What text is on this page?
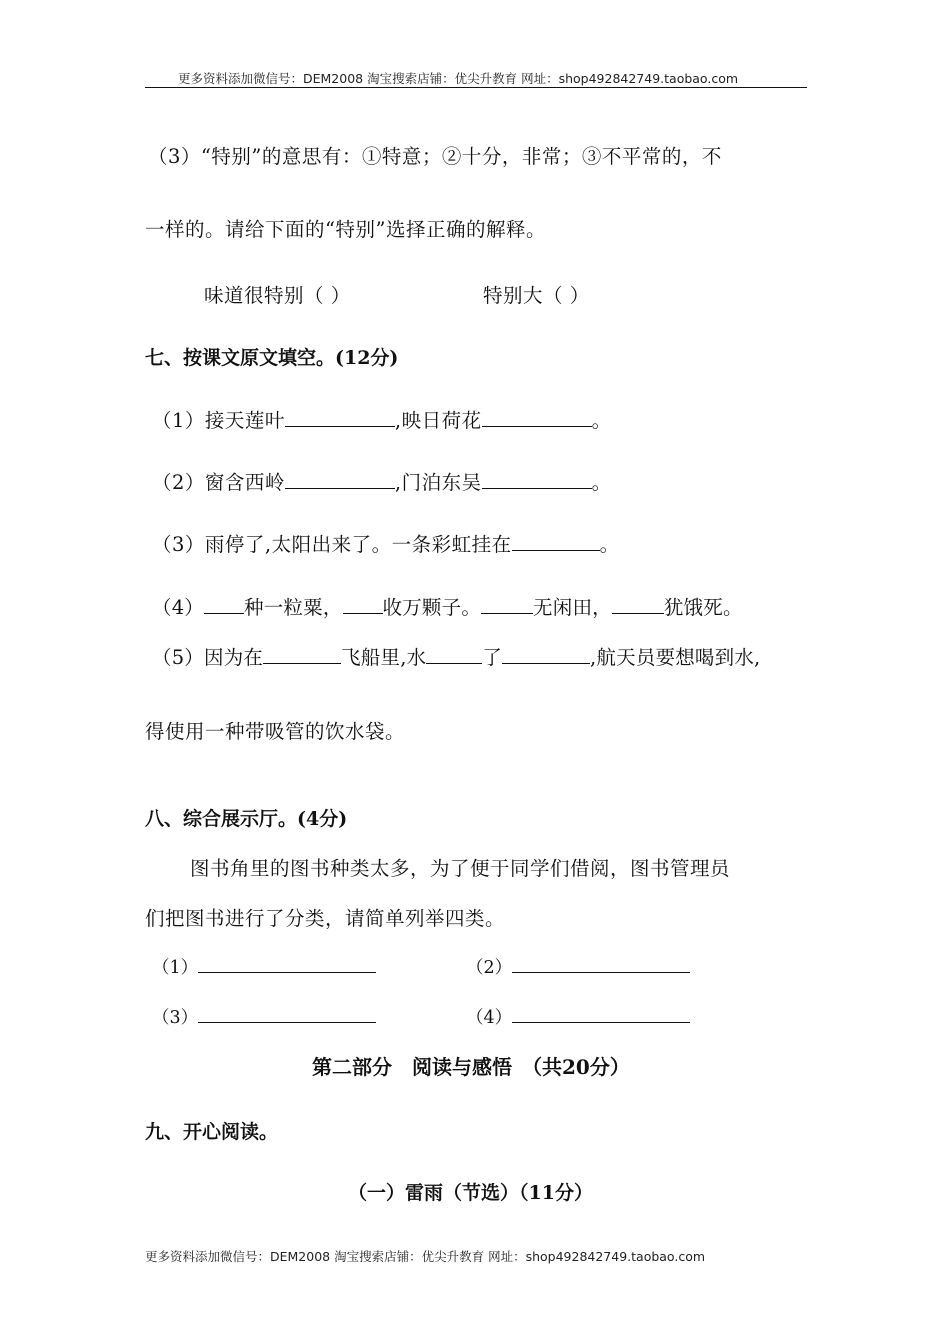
更多资料添加微信号：DEM2008 淘宝搜索店铺：优尖升教育 网址：shop492842749.taobao.com
（3）“特别”的意思有：①特意；②十分，非常；③不平常的，不
一样的。请给下面的“特别”选择正确的解释。
味道很特别（ ）	特别大（ ）
七、按课文原文填空。(12分)
（1）接天莲叶	,映日荷花	。
（2）窗含西岭	,门泊东吴	。
（3）雨停了,太阳出来了。一条彩虹挂在	。
（4） 种一粒粟， 收万颗子。	无闲田，	犹饿死。
（5）因为在	飞船里,水	了	,航天员要想喝到水,
得使用一种带吸管的饮水袋。
八、综合展示厅。(4分)
图书角里的图书种类太多，为了便于同学们借阅，图书管理员
们把图书进行了分类，请简单列举四类。
（1）	（2）
（3）	（4）
第二部分　阅读与感悟　（共20分）
九、开心阅读。
（一）雷雨（节选）（11分）
更多资料添加微信号：DEM2008 淘宝搜索店铺：优尖升教育 网址：shop492842749.taobao.com
